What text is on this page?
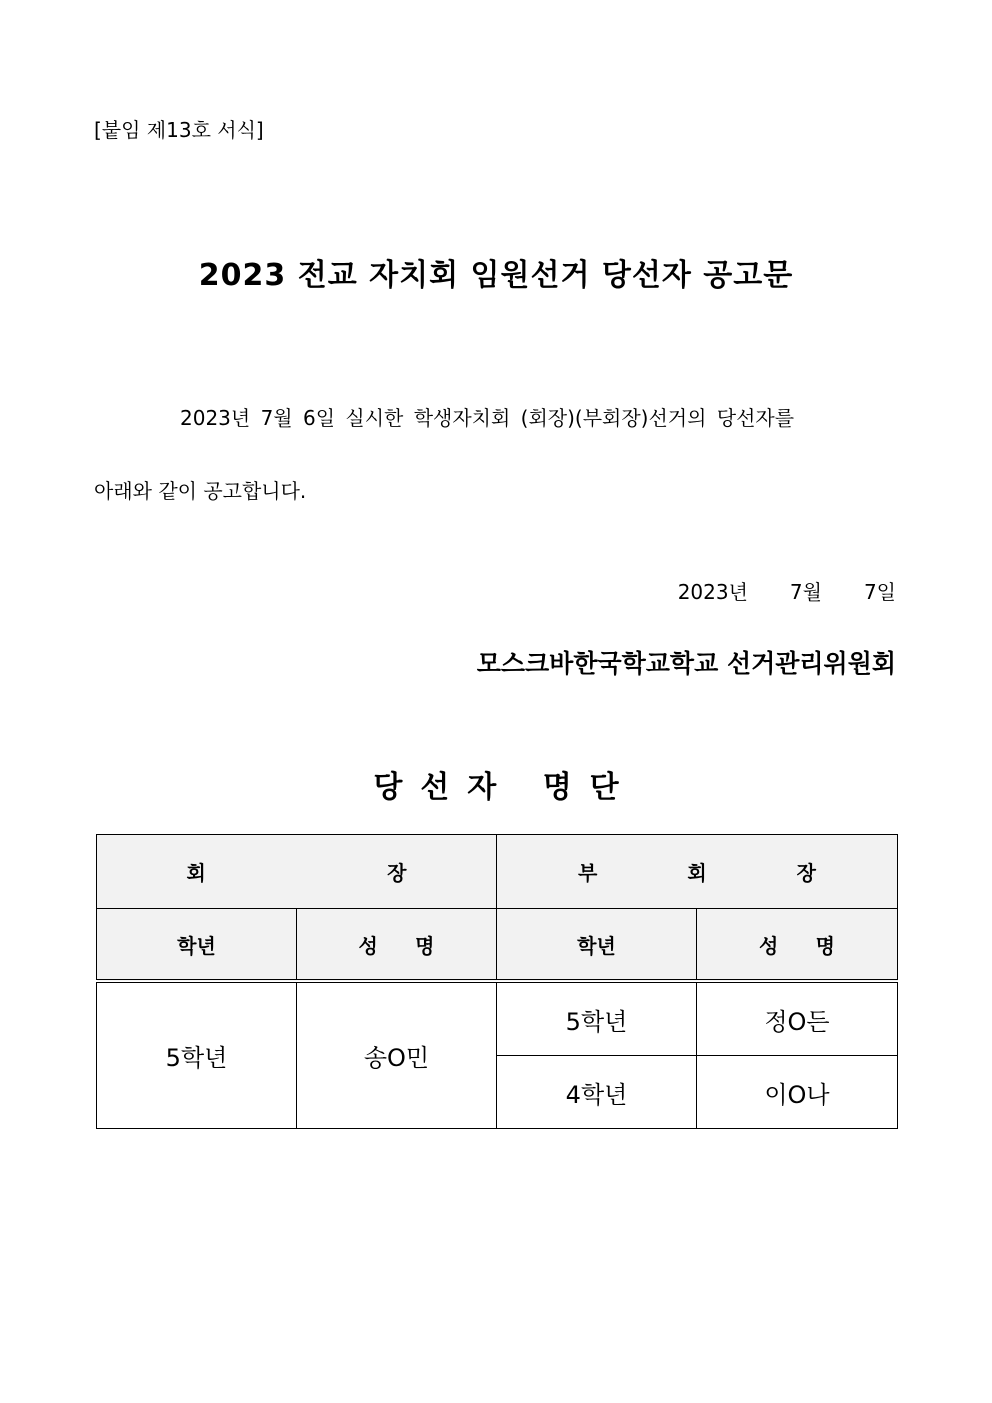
[붙임 제13호 서식]
2023 전교 자치회 임원선거 당선자 공고문
2023년 7월 6일 실시한 학생자치회 (회장)(부회장)선거의 당선자를
아래와 같이 공고합니다.
2023년 7월 7일
모스크바한국학교학교 선거관리위원회
당선자 명단
회 장		부 회 장	

학년	성 명	학년	성 명

5학년	송O민	5학년	정O든
		4학년	이O나
